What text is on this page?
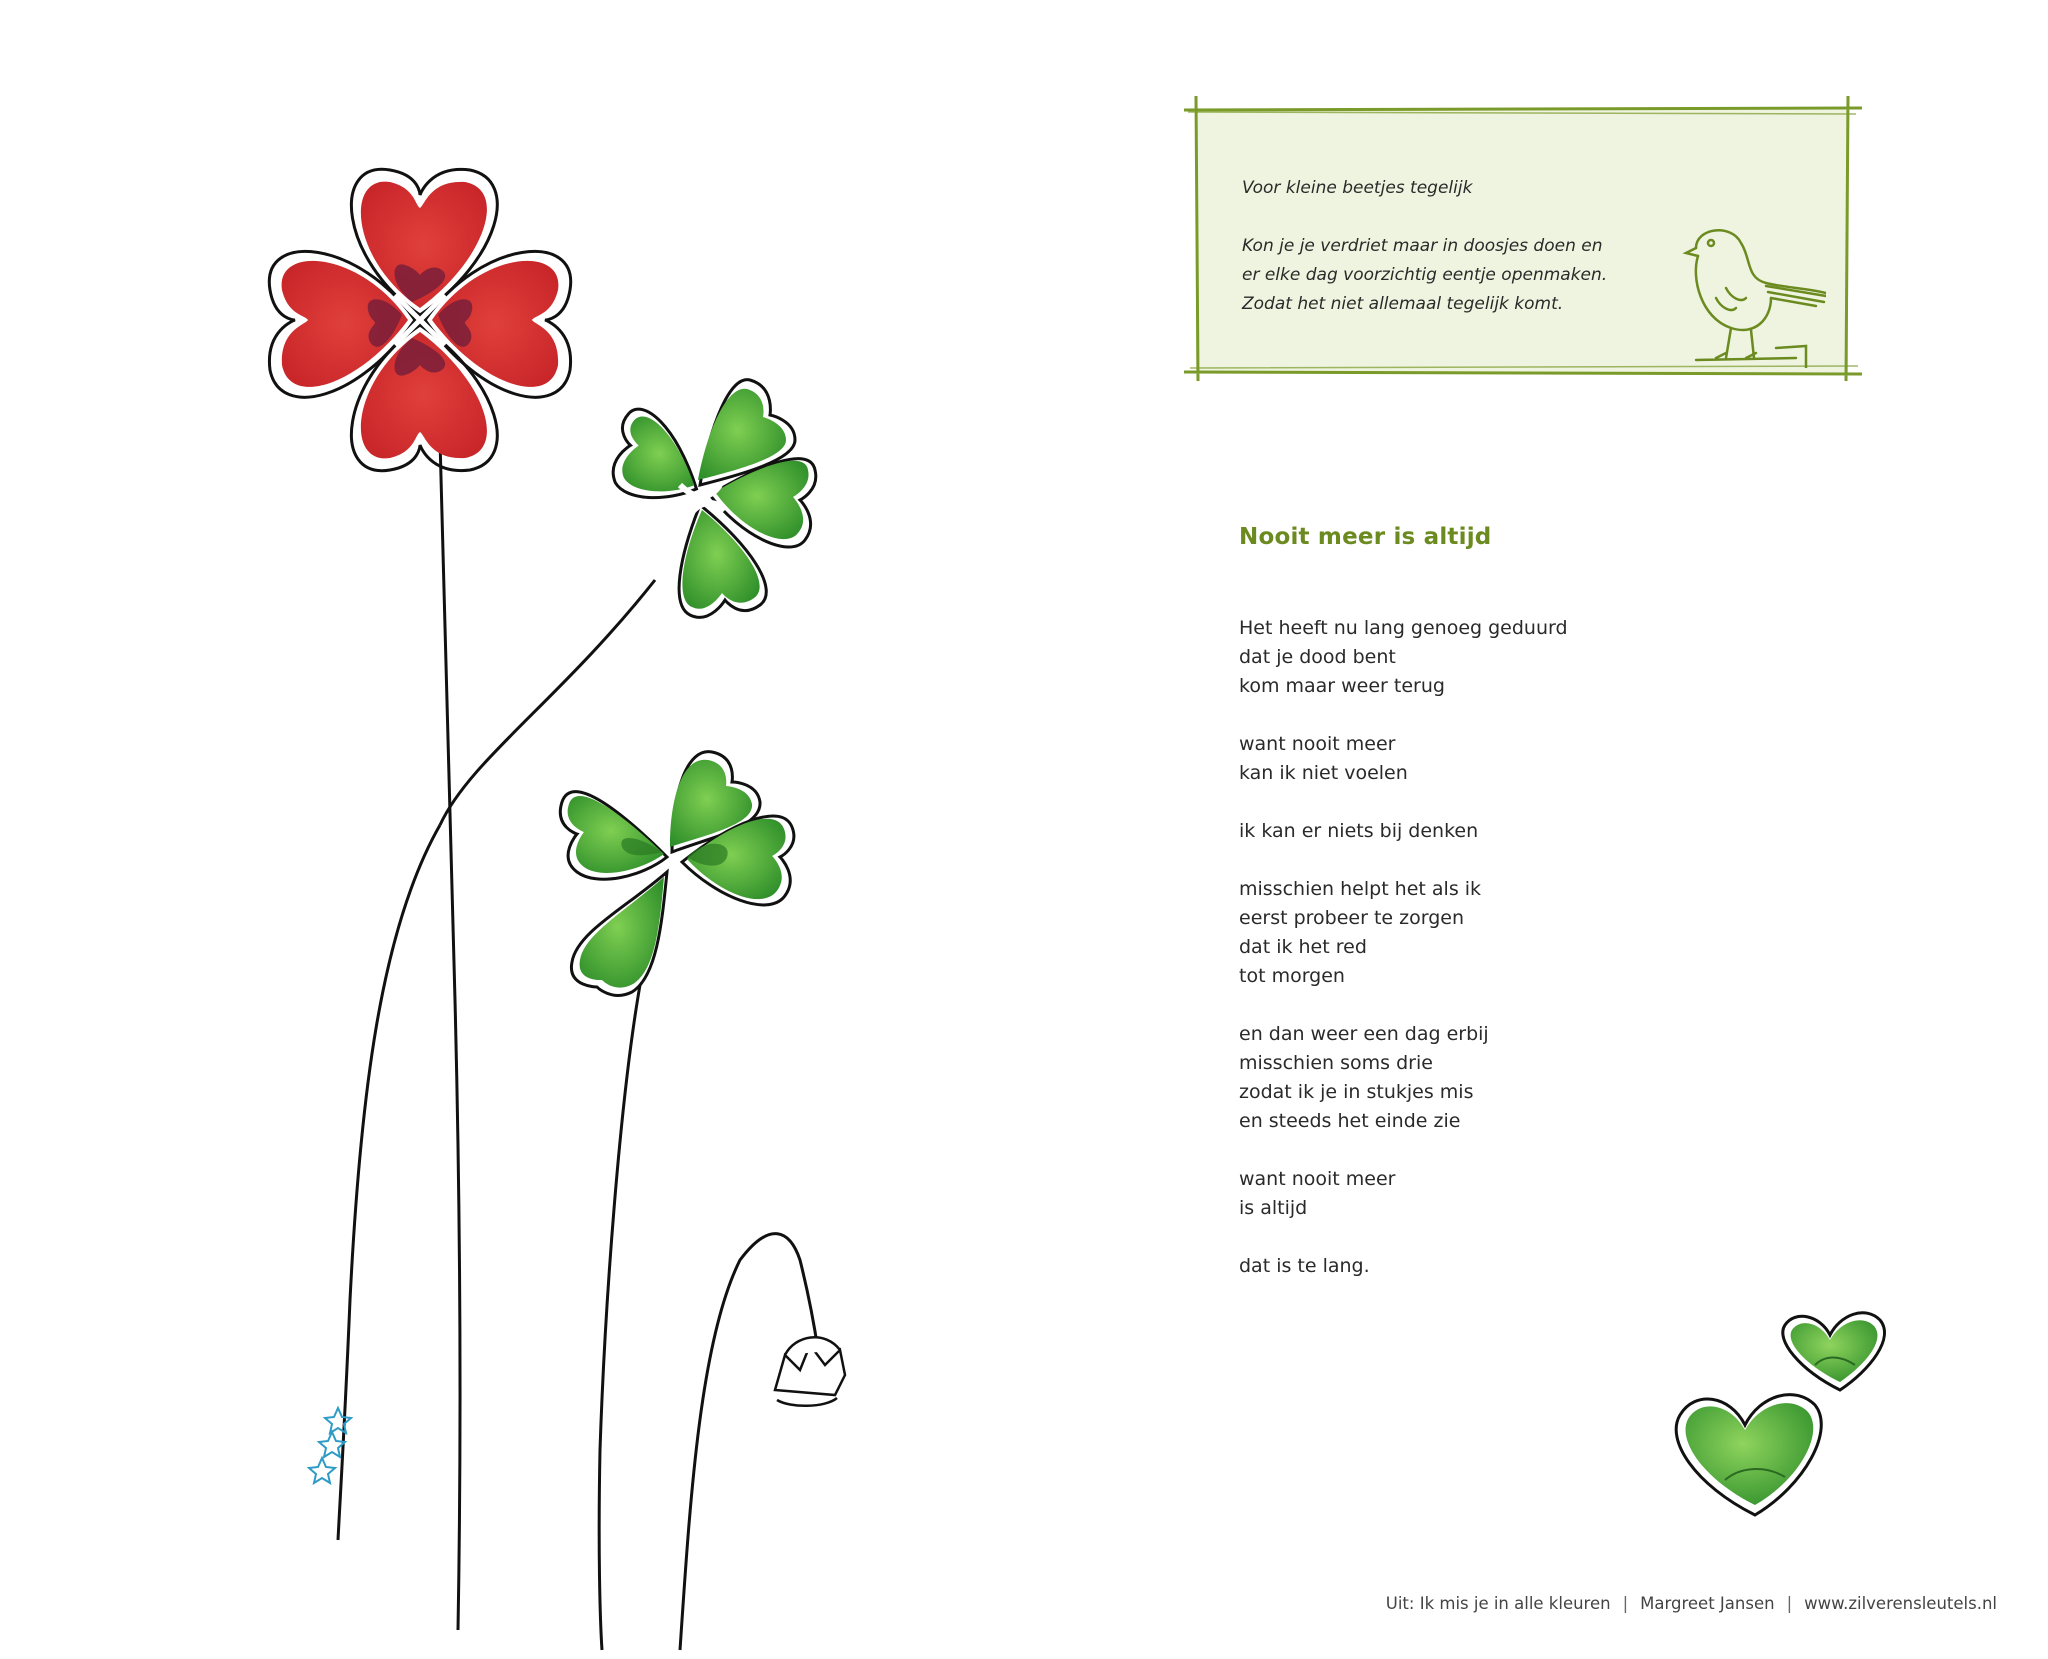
Voor kleine beetjes tegelijk
Kon je je verdriet maar in doosjes doen en
er elke dag voorzichtig eentje openmaken.
Zodat het niet allemaal tegelijk komt.
Nooit meer is altijd
Het heeft nu lang genoeg geduurd
dat je dood bent
kom maar weer terug
want nooit meer
kan ik niet voelen
ik kan er niets bij denken
misschien helpt het als ik
eerst probeer te zorgen
dat ik het red
tot morgen
en dan weer een dag erbij
misschien soms drie
zodat ik je in stukjes mis
en steeds het einde zie
want nooit meer
is altijd
dat is te lang.
Uit: Ik mis je in alle kleuren | Margreet Jansen | www.zilverensleutels.nl
